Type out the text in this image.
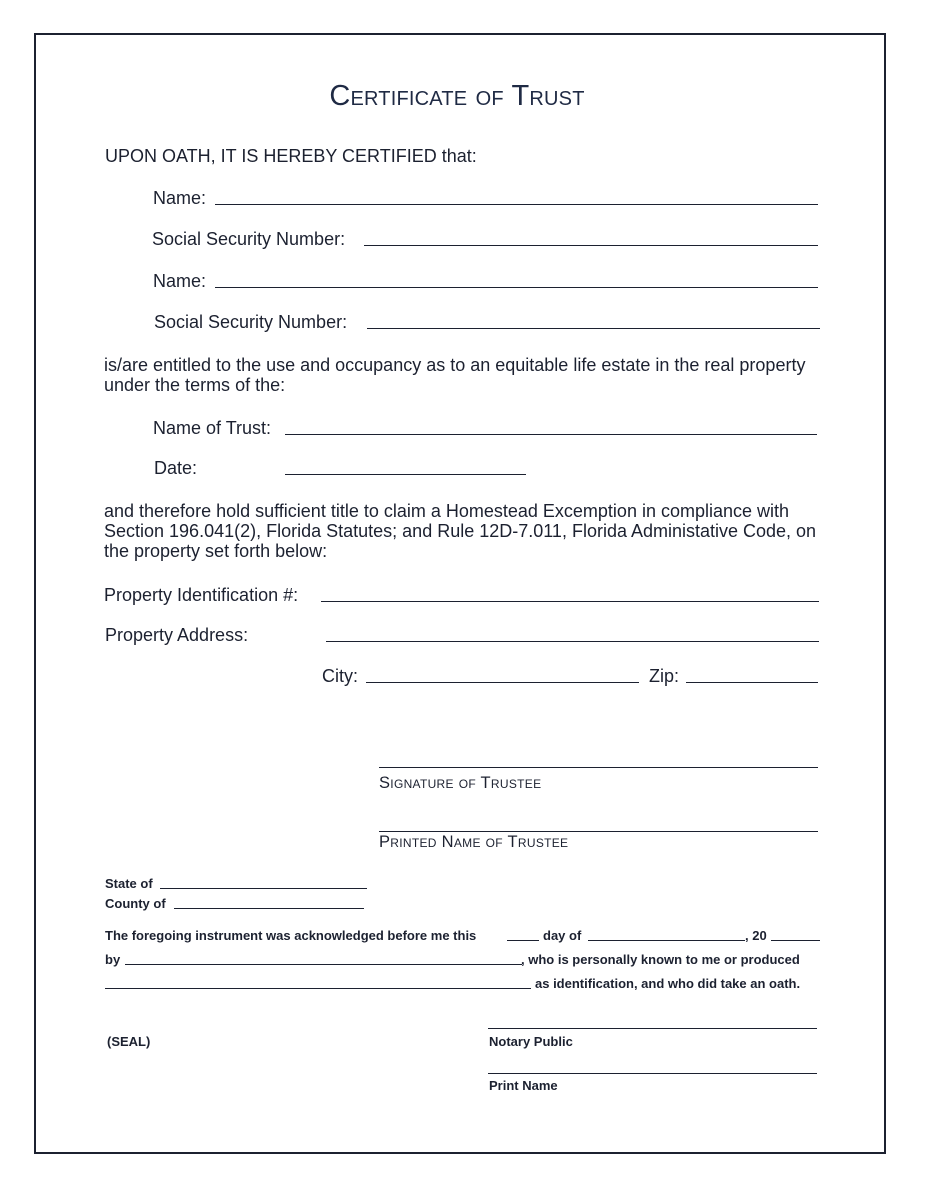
Certificate of Trust
UPON OATH, IT IS HEREBY CERTIFIED that:
Name:
Social Security Number:
Name:
Social Security Number:
is/are entitled to the use and occupancy as to an equitable life estate in the real property under the terms of the:
Name of Trust:
Date:
and therefore hold sufficient title to claim a Homestead Excemption in compliance with Section 196.041(2), Florida Statutes; and Rule 12D-7.011, Florida Administative Code, on the property set forth below:
Property Identification #:
Property Address:
City:	Zip:
Signature of Trustee
Printed Name of Trustee
State of
County of
The foregoing instrument was acknowledged before me this	day of	, 20
by	, who is personally known to me or produced
as identification, and who did take an oath.
(SEAL)	Notary Public
Print Name
